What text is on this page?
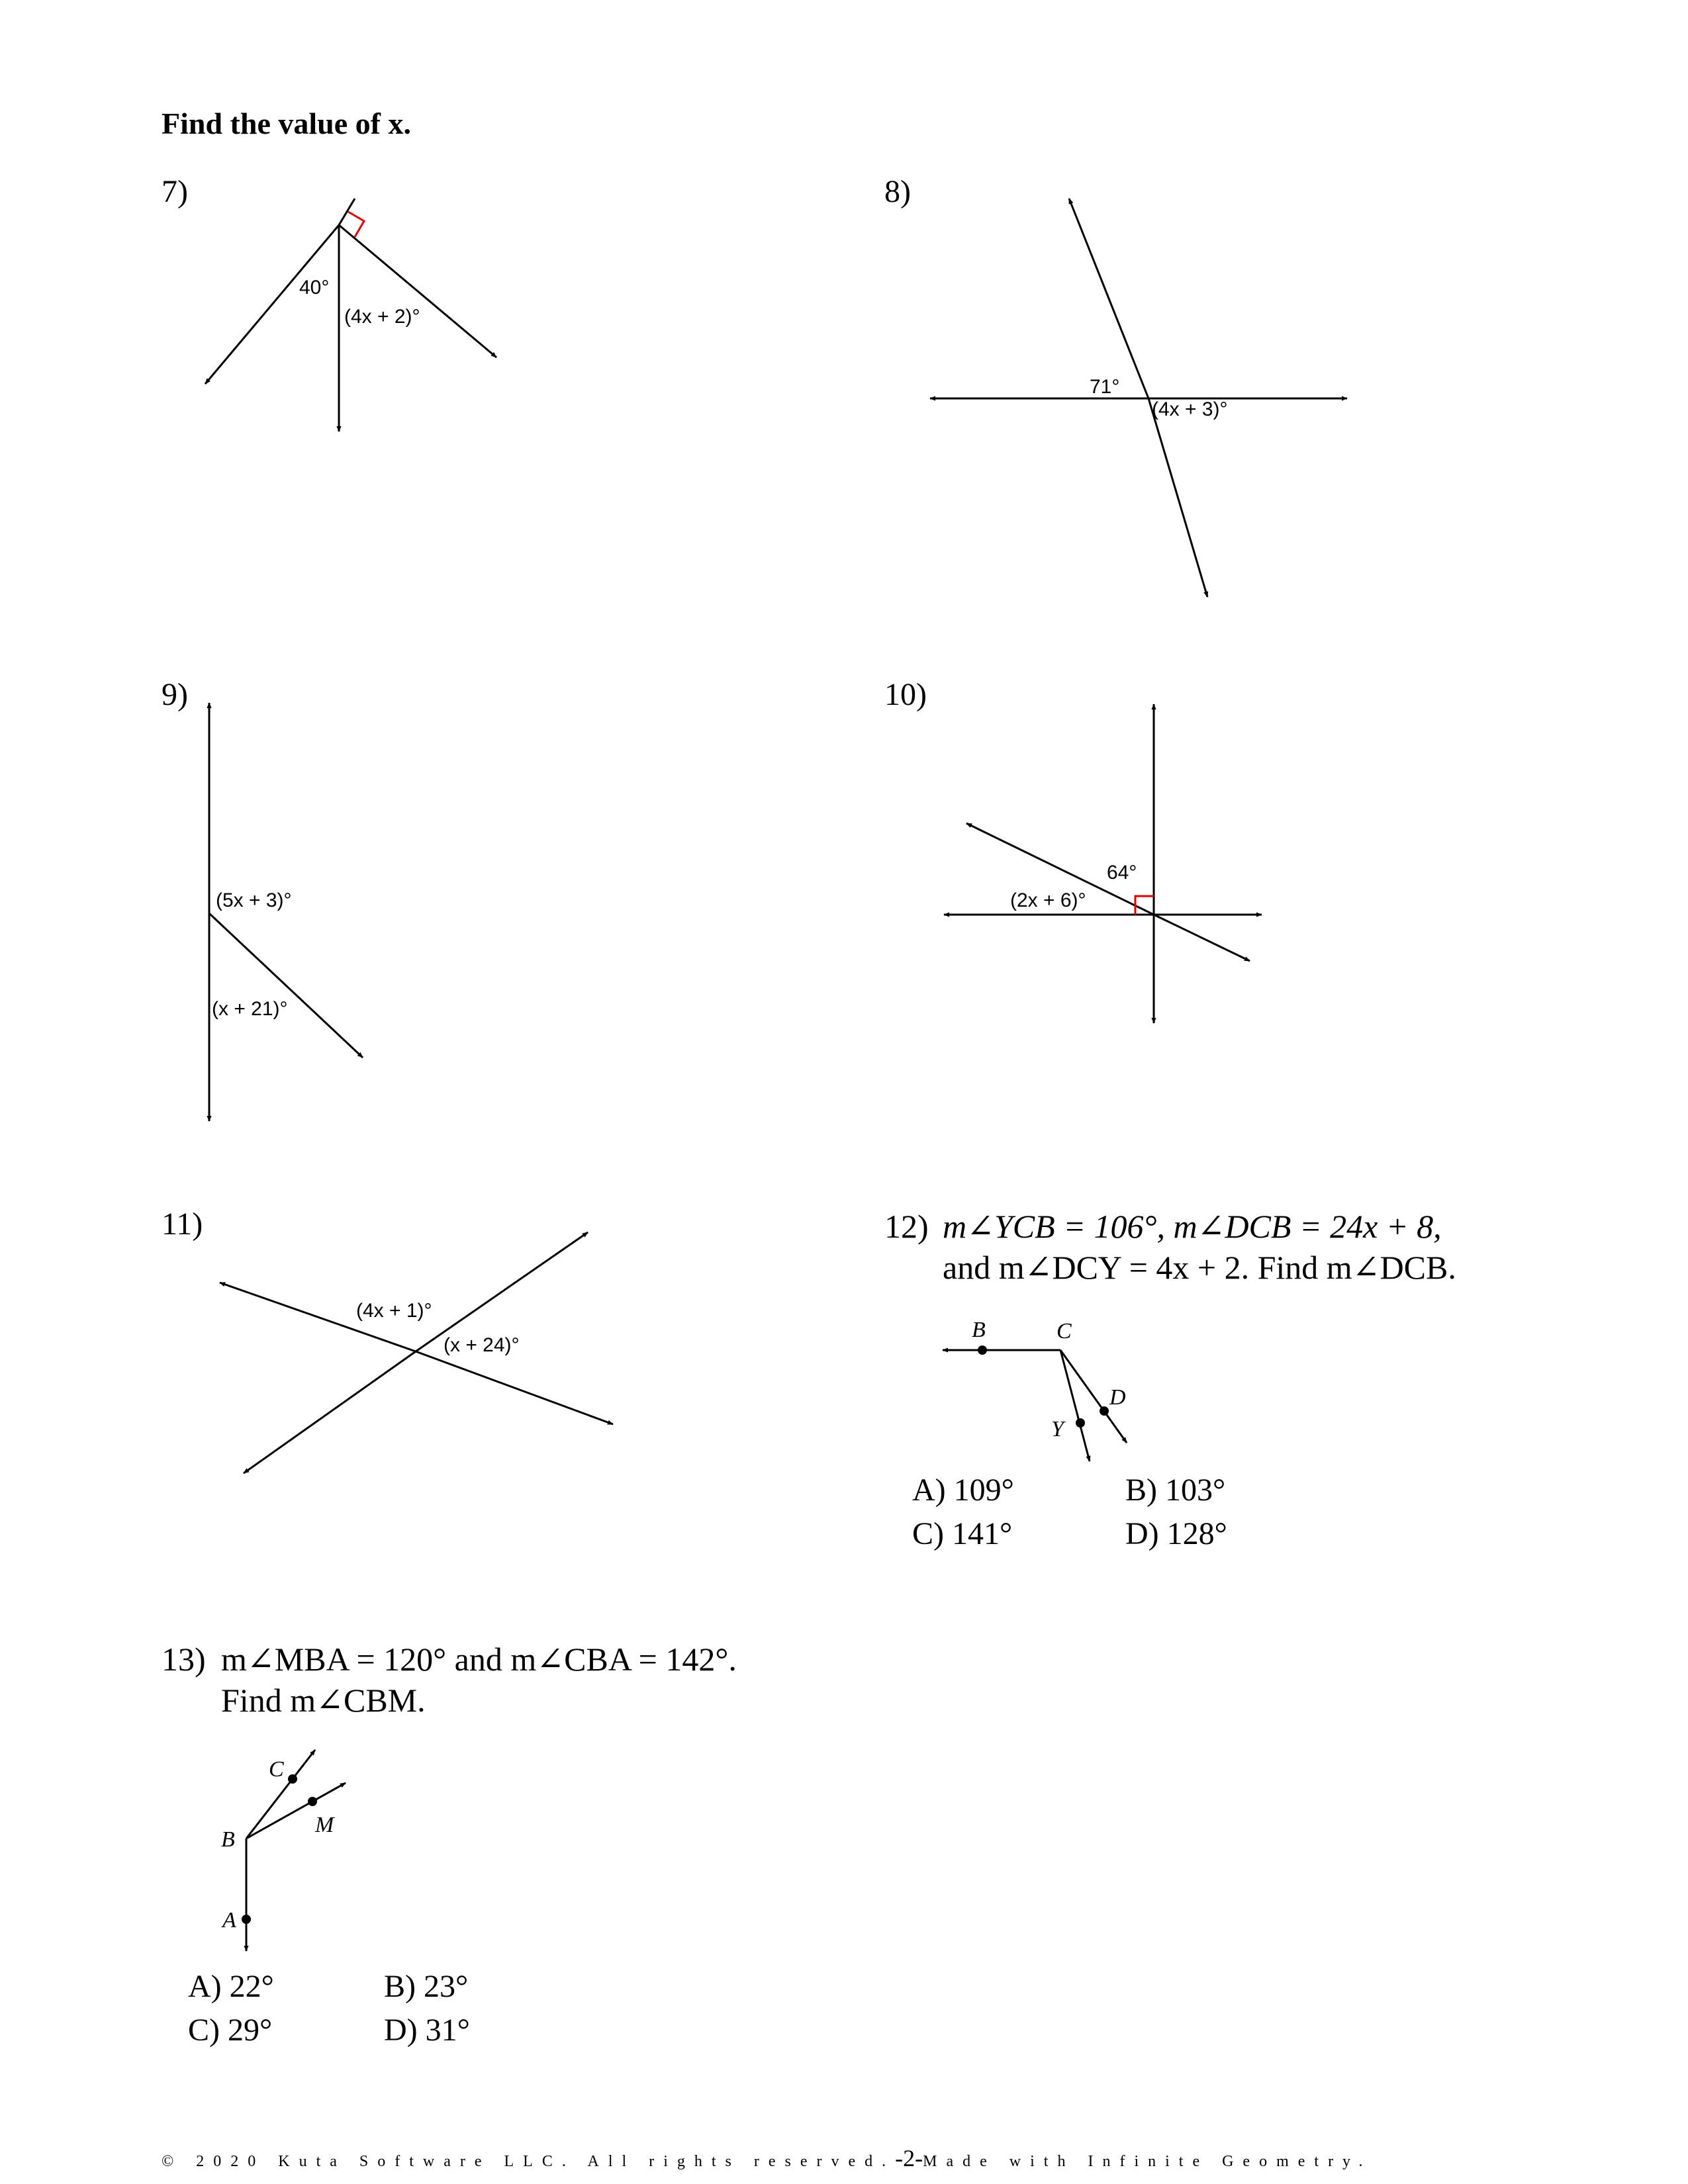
Find the value of x.
7)	8)
9)	10)
11)	12) m∠YCB = 106°, m∠DCB = 24x + 8,
and m∠DCY = 4x + 2. Find m∠DCB.
A) 109°	B) 103°
C) 141°	D) 128°
13) m∠MBA = 120° and m∠CBA = 142°.
Find m∠CBM.
A) 22°	B) 23°
C) 29°	D) 31°
© 2020 Kuta Software LLC. All rights reserved.-2-Made with Infinite Geometry.
40°
(4x + 2)°
71°
(4x + 3)°
(5x + 3)°
(x + 21)°
64°
(2x + 6)°
(4x + 1)°
(x + 24)°
B	C
D
Y
C
M
B
A
